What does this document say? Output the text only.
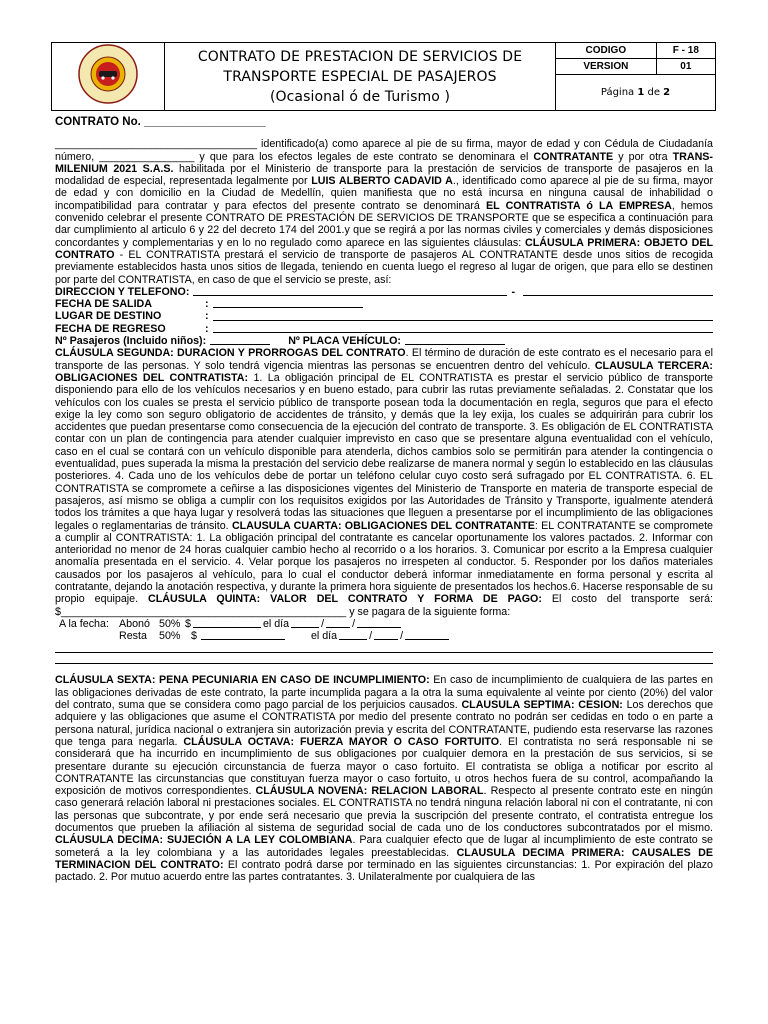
CONTRATO DE PRESTACION DE SERVICIOS DE
TRANSPORTE ESPECIAL DE PASAJEROS
(Ocasional ó de Turismo )	CODIGO	F - 18
		VERSION	01
		Página 1 de 2	

CONTRATO No. ___________________

__________________________________ identificado(a) como aparece al pie de su firma, mayor de edad y con Cédula de Ciudadanía número, ________________ y que para los efectos legales de este contrato se denominara el CONTRATANTE y por otra TRANS-MILENIUM 2021 S.A.S. habilitada por el Ministerio de transporte para la prestación de servicios de transporte de pasajeros en la modalidad de especial, representada legalmente por LUIS ALBERTO CADAVID A., identificado como aparece al pie de su firma, mayor de edad y con domicilio en la Ciudad de Medellín, quien manifiesta que no está incursa en ninguna causal de inhabilidad o incompatibilidad para contratar y para efectos del presente contrato se denominará EL CONTRATISTA ó LA EMPRESA, hemos convenido celebrar el presente CONTRATO DE PRESTACIÓN DE SERVICIOS DE TRANSPORTE que se especifica a continuación para dar cumplimiento al articulo 6 y 22 del decreto 174 del 2001.y que se regirá a por las normas civiles y comerciales y demás disposiciones concordantes y complementarias y en lo no regulado como aparece en las siguientes cláusulas: CLÁUSULA PRIMERA: OBJETO DEL CONTRATO - EL CONTRATISTA prestará el servicio de transporte de pasajeros AL CONTRATANTE desde unos sitios de recogida previamente establecidos hasta unos sitios de llegada, teniendo en cuenta luego el regreso al lugar de origen, que para ello se destinen por parte del CONTRATISTA, en caso de que el servicio se preste, así:

DIRECCION Y TELEFONO:	-
FECHA DE SALIDA	:
LUGAR DE DESTINO	:
FECHA DE REGRESO	:
Nº Pasajeros (Incluido niños):	Nº PLACA VEHÍCULO:

CLÁUSULA SEGUNDA: DURACION Y PRORROGAS DEL CONTRATO. El término de duración de este contrato es el necesario para el transporte de las personas. Y solo tendrá vigencia mientras las personas se encuentren dentro del vehículo. CLAUSULA TERCERA: OBLIGACIONES DEL CONTRATISTA: 1. La obligación principal de EL CONTRATISTA es prestar el servicio público de transporte disponiendo para ello de los vehículos necesarios y en bueno estado, para cubrir las rutas previamente señaladas. 2. Constatar que los vehículos con los cuales se presta el servicio público de transporte posean toda la documentación en regla, seguros que para el efecto exige la ley como son seguro obligatorio de accidentes de tránsito, y demás que la ley exija, los cuales se adquirirán para cubrir los accidentes que puedan presentarse como consecuencia de la ejecución del contrato de transporte. 3. Es obligación de EL CONTRATISTA contar con un plan de contingencia para atender cualquier imprevisto en caso que se presentare alguna eventualidad con el vehículo, caso en el cual se contará con un vehículo disponible para atenderla, dichos cambios solo se permitirán para atender la contingencia o eventualidad, pues superada la misma la prestación del servicio debe realizarse de manera normal y según lo establecido en las cláusulas posteriores. 4. Cada uno de los vehículos debe de portar un teléfono celular cuyo costo será sufragado por EL CONTRATISTA. 6. EL CONTRATISTA se compromete a ceñirse a las disposiciones vigentes del Ministerio de Transporte en materia de transporte especial de pasajeros, así mismo se obliga a cumplir con los requisitos exigidos por las Autoridades de Tránsito y Transporte, igualmente atenderá todos los trámites a que haya lugar y resolverá todas las situaciones que lleguen a presentarse por el incumplimiento de las obligaciones legales o reglamentarias de tránsito. CLAUSULA CUARTA: OBLIGACIONES DEL CONTRATANTE: EL CONTRATANTE se compromete a cumplir al CONTRATISTA: 1. La obligación principal del contratante es cancelar oportunamente los valores pactados. 2. Informar con anterioridad no menor de 24 horas cualquier cambio hecho al recorrido o a los horarios. 3. Comunicar por escrito a la Empresa cualquier anomalía presentada en el servicio. 4. Velar porque los pasajeros no irrespeten al conductor. 5. Responder por los daños materiales causados por los pasajeros al vehículo, para lo cual el conductor deberá informar inmediatamente en forma personal y escrita al contratante, dejando la anotación respectiva, y durante la primera hora siguiente de presentados los hechos.6. Hacerse responsable de su propio equipaje. CLÁUSULA QUINTA: VALOR DEL CONTRATO Y FORMA DE PAGO: El costo del transporte será: $________________________________________________ y se pagara de la siguiente forma:

A la fecha: Abonó 50% $	el día	/	/
Resta	50% $	el día	/	/

CLÁUSULA SEXTA: PENA PECUNIARIA EN CASO DE INCUMPLIMIENTO: En caso de incumplimiento de cualquiera de las partes en las obligaciones derivadas de este contrato, la parte incumplida pagara a la otra la suma equivalente al veinte por ciento (20%) del valor del contrato, suma que se considera como pago parcial de los perjuicios causados. CLAUSULA SEPTIMA: CESION: Los derechos que adquiere y las obligaciones que asume el CONTRATISTA por medio del presente contrato no podrán ser cedidas en todo o en parte a persona natural, jurídica nacional o extranjera sin autorización previa y escrita del CONTRATANTE, pudiendo esta reservarse las razones que tenga para negarla. CLÁUSULA OCTAVA: FUERZA MAYOR O CASO FORTUITO. El contratista no será responsable ni se considerará que ha incurrido en incumplimiento de sus obligaciones por cualquier demora en la prestación de sus servicios, si se presentare durante su ejecución circunstancia de fuerza mayor o caso fortuito. El contratista se obliga a notificar por escrito al CONTRATANTE las circunstancias que constituyan fuerza mayor o caso fortuito, u otros hechos fuera de su control, acompañando la exposición de motivos correspondientes. CLÁUSULA NOVENA: RELACION LABORAL. Respecto al presente contrato este en ningún caso generará relación laboral ni prestaciones sociales. EL CONTRATISTA no tendrá ninguna relación laboral ni con el contratante, ni con las personas que subcontrate, y por ende será necesario que previa la suscripción del presente contrato, el contratista entregue los documentos que prueben la afiliación al sistema de seguridad social de cada uno de los conductores subcontratados por el mismo. CLÁUSULA DECIMA: SUJECIÓN A LA LEY COLOMBIANA. Para cualquier efecto que de lugar al incumplimiento de este contrato se someterá a la ley colombiana y a las autoridades legales preestablecidas. CLAUSULA DECIMA PRIMERA: CAUSALES DE TERMINACION DEL CONTRATO: El contrato podrá darse por terminado en las siguientes circunstancias: 1. Por expiración del plazo pactado. 2. Por mutuo acuerdo entre las partes contratantes. 3. Unilateralmente por cualquiera de las
